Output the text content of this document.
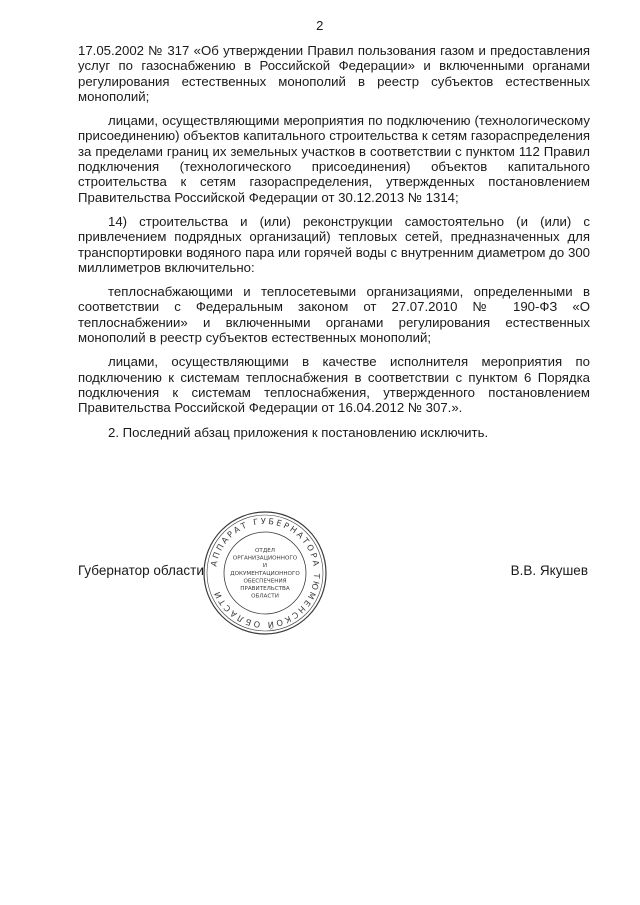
2

17.05.2002 № 317 «Об утверждении Правил пользования газом и предоставления услуг по газоснабжению в Российской Федерации» и включенными органами регулирования естественных монополий в реестр субъектов естественных монополий;

лицами, осуществляющими мероприятия по подключению (технологическому присоединению) объектов капитального строительства к сетям газораспределения за пределами границ их земельных участков в соответствии с пунктом 112 Правил подключения (технологического присоединения) объектов капитального строительства к сетям газораспределения, утвержденных постановлением Правительства Российской Федерации от 30.12.2013 № 1314;

14) строительства и (или) реконструкции самостоятельно (и (или) с привлечением подрядных организаций) тепловых сетей, предназначенных для транспортировки водяного пара или горячей воды с внутренним диаметром до 300 миллиметров включительно:

теплоснабжающими и теплосетевыми организациями, определенными в соответствии с Федеральным законом от 27.07.2010 № 190-ФЗ «О теплоснабжении» и включенными органами регулирования естественных монополий в реестр субъектов естественных монополий;

лицами, осуществляющими в качестве исполнителя мероприятия по подключению к системам теплоснабжения в соответствии с пунктом 6 Порядка подключения к системам теплоснабжения, утвержденного постановлением Правительства Российской Федерации от 16.04.2012 № 307.».

2. Последний абзац приложения к постановлению исключить.

АППАРАТ ГУБЕРНАТОРА ТЮМЕНСКОЙ ОБЛАСТИ
ОТДЕЛ
ОРГАНИЗАЦИОННОГО
И
ДОКУМЕНТАЦИОННОГО
ОБЕСПЕЧЕНИЯ
ПРАВИТЕЛЬСТВА
ОБЛАСТИ
Губернатор области	В.В. Якушев
